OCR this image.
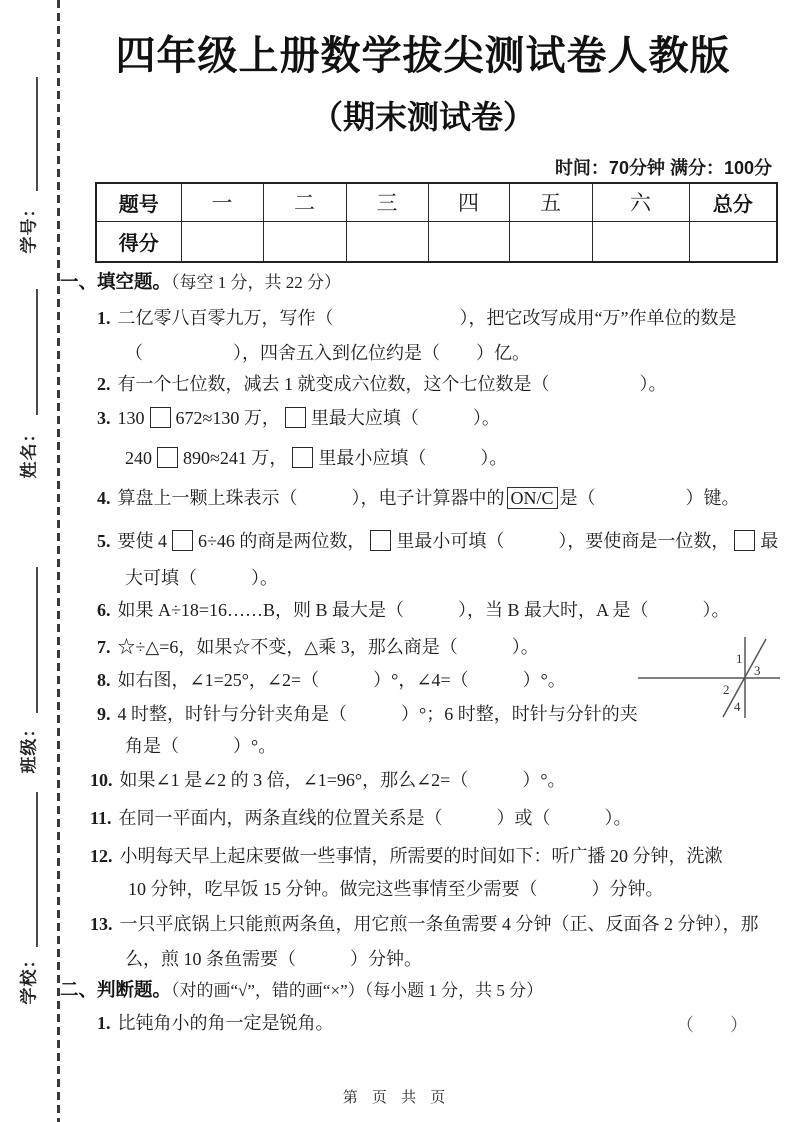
学号：
姓名：
班级：
学校：
四年级上册数学拔尖测试卷人教版
（期末测试卷）
时间：70分钟 满分：100分
题号	一	二	三	四	五	六	总分
得分							
一、填空题。（每空 1 分，共 22 分）
1. 二亿零八百零九万，写作（　　　　　　　），把它改写成用“万”作单位的数是
（　　　　　），四舍五入到亿位约是（　　）亿。
2. 有一个七位数，减去 1 就变成六位数，这个七位数是（　　　　　）。
3. 130 672≈130 万， 里最大应填（　　　）。
240 890≈241 万， 里最小应填（　　　）。
4. 算盘上一颗上珠表示（　　　），电子计算器中的 ON/C 是（　　　　　）键。
5. 要使 4 6÷46 的商是两位数， 里最小可填（　　　），要使商是一位数， 最
大可填（　　　）。
6. 如果 A÷18=16……B，则 B 最大是（　　　），当 B 最大时，A 是（　　　）。
7. ☆÷△=6，如果☆不变，△乘 3，那么商是（　　　）。
8. 如右图，∠1=25°，∠2=（　　　）°，∠4=（　　　）°。
1
2
3
4
9. 4 时整，时针与分针夹角是（　　　）°；6 时整，时针与分针的夹
角是（　　　）°。
10. 如果∠1 是∠2 的 3 倍，∠1=96°，那么∠2=（　　　）°。
11. 在同一平面内，两条直线的位置关系是（　　　）或（　　　）。
12. 小明每天早上起床要做一些事情，所需要的时间如下：听广播 20 分钟，洗漱
10 分钟，吃早饭 15 分钟。做完这些事情至少需要（　　　）分钟。
13. 一只平底锅上只能煎两条鱼，用它煎一条鱼需要 4 分钟（正、反面各 2 分钟），那
么，煎 10 条鱼需要（　　　）分钟。
二、判断题。（对的画“√”，错的画“×”）（每小题 1 分，共 5 分）
1. 比钝角小的角一定是锐角。	（　　）
第 页 共 页
